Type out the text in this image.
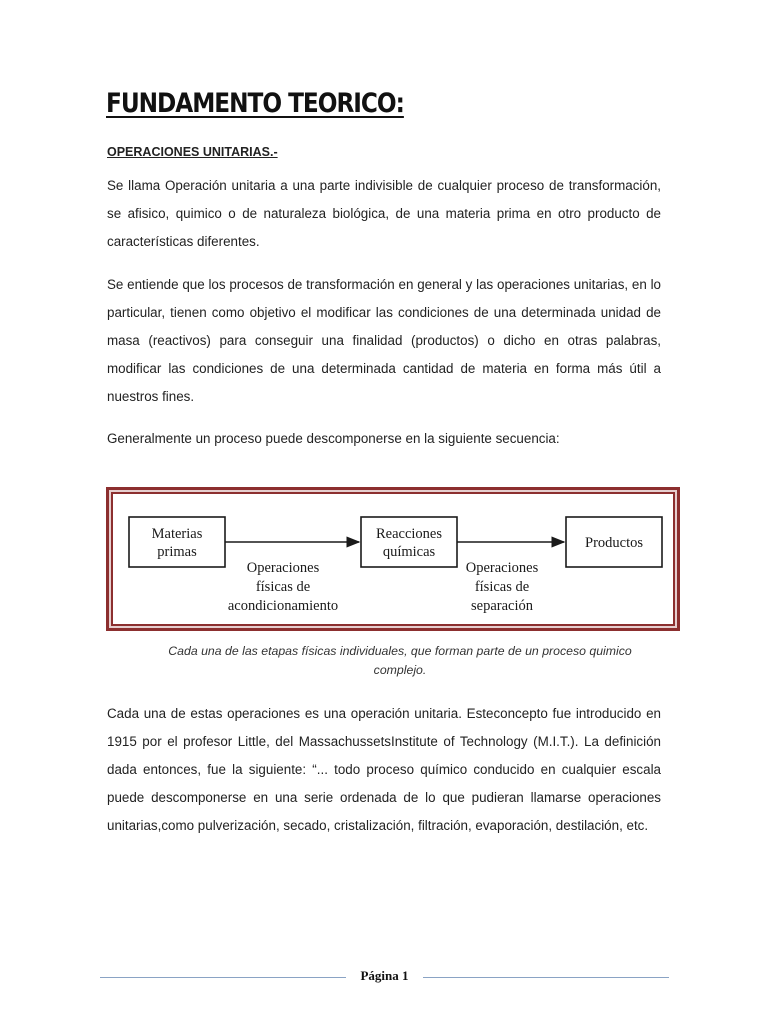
FUNDAMENTO TEORICO:
OPERACIONES UNITARIAS.-

Se llama Operación unitaria a una parte indivisible de cualquier proceso de transformación, se afisico, quimico o de naturaleza biológica, de una materia prima en otro producto de características diferentes.

Se entiende que los procesos de transformación en general y las operaciones unitarias, en lo particular, tienen como objetivo el modificar las condiciones de una determinada unidad de masa (reactivos) para conseguir una finalidad (productos) o dicho en otras palabras, modificar las condiciones de una determinada cantidad de materia en forma más útil a nuestros fines.

Generalmente un proceso puede descomponerse en la siguiente secuencia:

Materias
primas
Reacciones
químicas
Productos
Operaciones
físicas de
acondicionamiento
Operaciones
físicas de
separación
Cada una de las etapas físicas individuales, que forman parte de un proceso quimico complejo.

Cada una de estas operaciones es una operación unitaria. Esteconcepto fue introducido en 1915 por el profesor Little, del MassachussetsInstitute of Technology (M.I.T.). La definición dada entonces, fue la siguiente: “... todo proceso químico conducido en cualquier escala puede descomponerse en una serie ordenada de lo que pudieran llamarse operaciones unitarias,como pulverización, secado, cristalización, filtración, evaporación, destilación, etc.

Página 1
